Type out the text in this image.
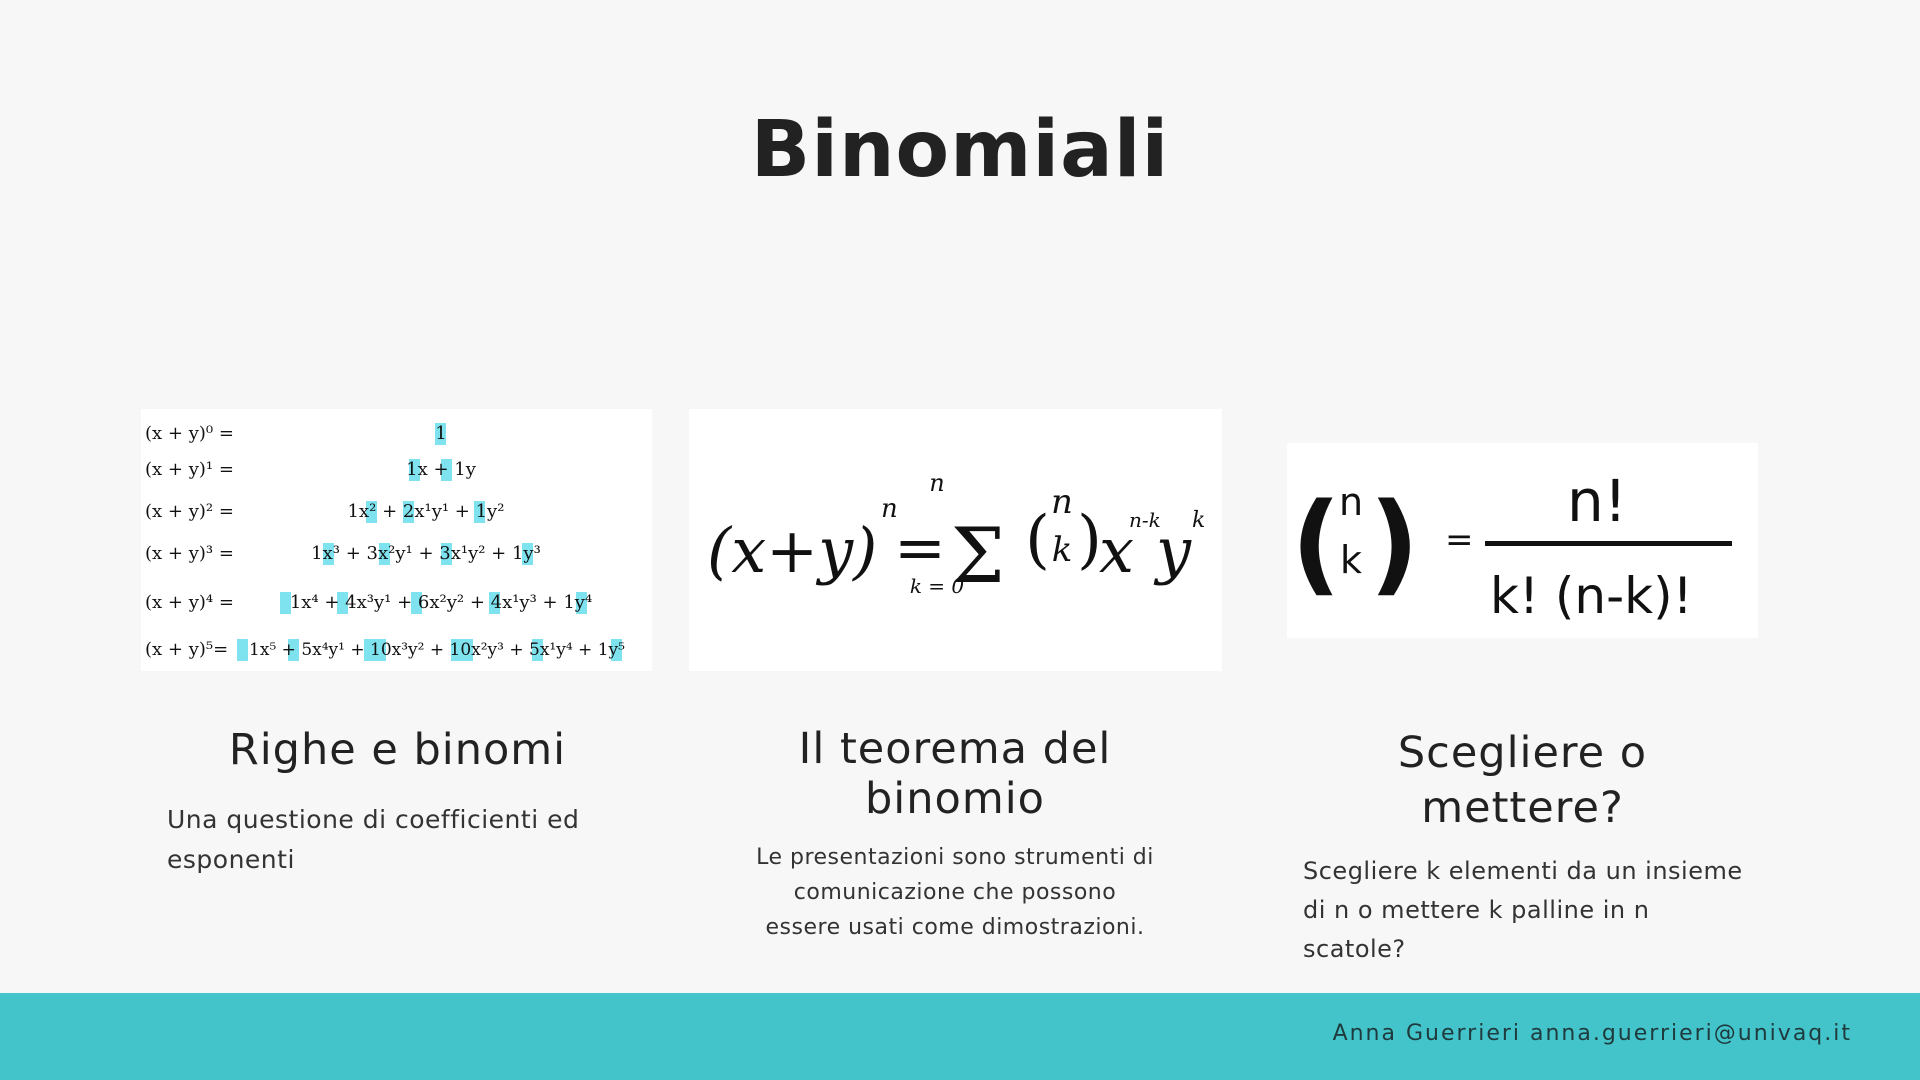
Binomiali
(x + y)⁰ =
(x + y)¹ =
(x + y)² =
(x + y)³ =
(x + y)⁴ =
(x + y)⁵=
1
1x + 1y
1x² + 2x¹y¹ + 1y²
1x³ + 3x²y¹ + 3x¹y² + 1y³
1x⁴ + 4x³y¹ + 6x²y² + 4x¹y³ + 1y⁴
1x⁵ + 5x⁴y¹ + 10x³y² + 10x²y³ + 5x¹y⁴ + 1y⁵
(x+y)
n
=
n
Σ
k = 0
(
n
k )
x
n-k
y k (
n
k ) =
n!
k! (n-k)!
Righe e binomi	Il teorema del binomio
Scegliere o mettere?

Una questione di coefficienti ed esponenti	Le presentazioni sono strumenti di comunicazione che possono essere usati come dimostrazioni.

Scegliere k elementi da un insieme di n o mettere k palline in n scatole?

Anna Guerrieri anna.guerrieri@univaq.it
